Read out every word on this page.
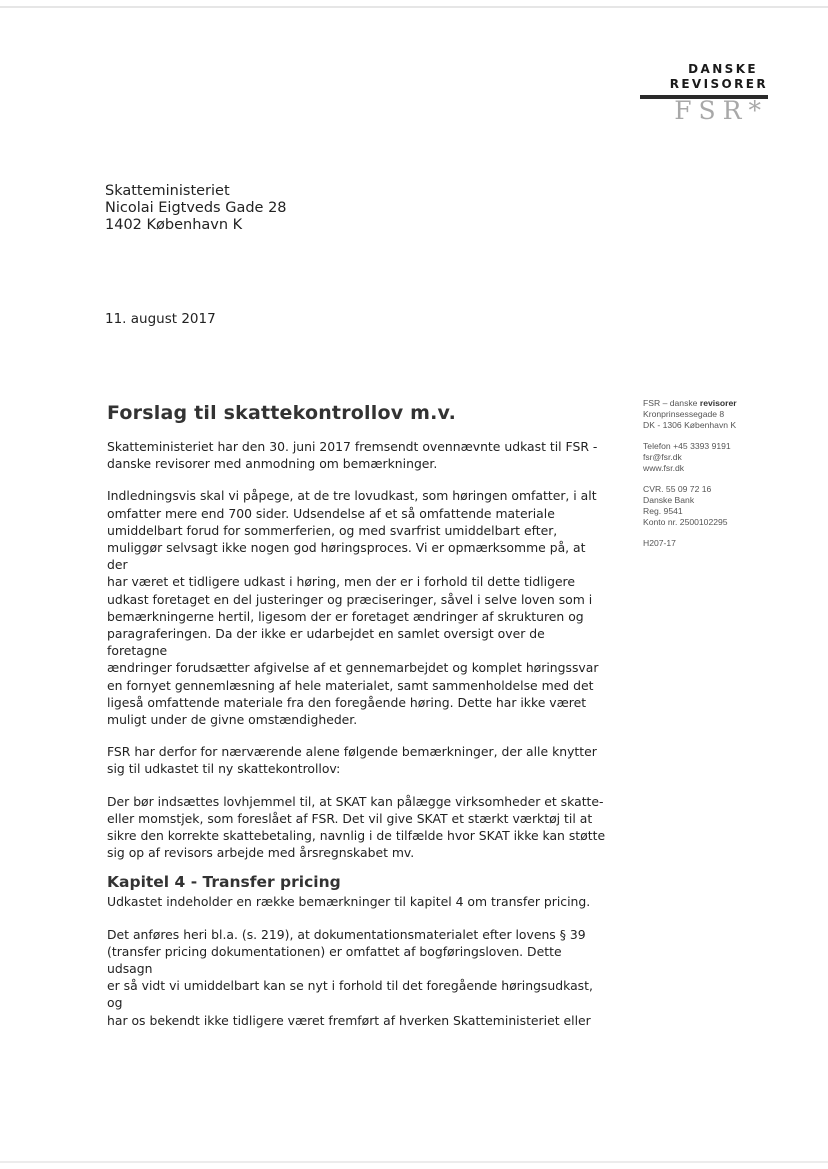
DANSKE
REVISORER
FSR*
Skatteministeriet
Nicolai Eigtveds Gade 28
1402 København K
11. august 2017
FSR – danske revisorer
Kronprinsessegade 8
DK - 1306 København K
Telefon +45 3393 9191
fsr@fsr.dk
www.fsr.dk
CVR. 55 09 72 16
Danske Bank
Reg. 9541
Konto nr. 2500102295
H207-17
Forslag til skattekontrollov m.v.
Skatteministeriet har den 30. juni 2017 fremsendt ovennævnte udkast til FSR -
danske revisorer med anmodning om bemærkninger.
Indledningsvis skal vi påpege, at de tre lovudkast, som høringen omfatter, i alt
omfatter mere end 700 sider. Udsendelse af et så omfattende materiale
umiddelbart forud for sommerferien, og med svarfrist umiddelbart efter,
muliggør selvsagt ikke nogen god høringsproces. Vi er opmærksomme på, at der
har været et tidligere udkast i høring, men der er i forhold til dette tidligere
udkast foretaget en del justeringer og præciseringer, såvel i selve loven som i
bemærkningerne hertil, ligesom der er foretaget ændringer af skrukturen og
paragraferingen. Da der ikke er udarbejdet en samlet oversigt over de foretagne
ændringer forudsætter afgivelse af et gennemarbejdet og komplet høringssvar
en fornyet gennemlæsning af hele materialet, samt sammenholdelse med det
ligeså omfattende materiale fra den foregående høring. Dette har ikke været
muligt under de givne omstændigheder.
FSR har derfor for nærværende alene følgende bemærkninger, der alle knytter
sig til udkastet til ny skattekontrollov:
Der bør indsættes lovhjemmel til, at SKAT kan pålægge virksomheder et skatte-
eller momstjek, som foreslået af FSR. Det vil give SKAT et stærkt værktøj til at
sikre den korrekte skattebetaling, navnlig i de tilfælde hvor SKAT ikke kan støtte
sig op af revisors arbejde med årsregnskabet mv.
Kapitel 4 - Transfer pricing
Udkastet indeholder en række bemærkninger til kapitel 4 om transfer pricing.
Det anføres heri bl.a. (s. 219), at dokumentationsmaterialet efter lovens § 39
(transfer pricing dokumentationen) er omfattet af bogføringsloven. Dette udsagn
er så vidt vi umiddelbart kan se nyt i forhold til det foregående høringsudkast, og
har os bekendt ikke tidligere været fremført af hverken Skatteministeriet eller
